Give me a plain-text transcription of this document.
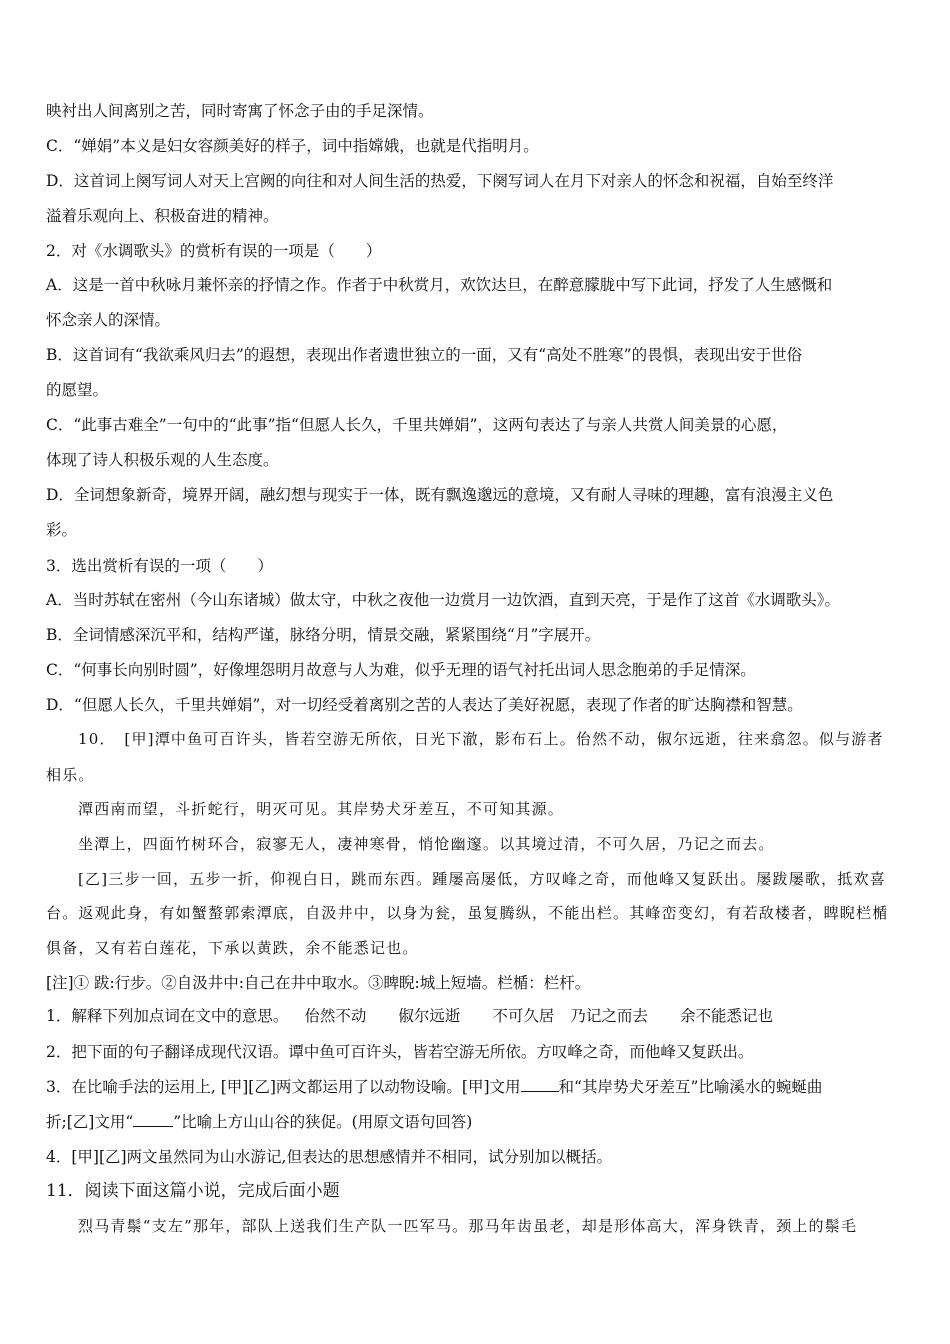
映衬出人间离别之苦，同时寄寓了怀念子由的手足深情。
C．“婵娟”本义是妇女容颜美好的样子，词中指嫦娥，也就是代指明月。
D．这首词上阕写词人对天上宫阙的向往和对人间生活的热爱，下阕写词人在月下对亲人的怀念和祝福，自始至终洋
溢着乐观向上、积极奋进的精神。
2．对《水调歌头》的赏析有误的一项是（　　）
A．这是一首中秋咏月兼怀亲的抒情之作。作者于中秋赏月，欢饮达旦，在醉意朦胧中写下此词，抒发了人生感慨和
怀念亲人的深情。
B．这首词有“我欲乘风归去”的遐想，表现出作者遗世独立的一面，又有“高处不胜寒”的畏惧，表现出安于世俗
的愿望。
C．“此事古难全”一句中的“此事”指“但愿人长久，千里共婵娟”，这两句表达了与亲人共赏人间美景的心愿，
体现了诗人积极乐观的人生态度。
D．全词想象新奇，境界开阔，融幻想与现实于一体，既有飘逸邈远的意境，又有耐人寻味的理趣，富有浪漫主义色
彩。
3．选出赏析有误的一项（　　）
A．当时苏轼在密州（今山东诸城）做太守，中秋之夜他一边赏月一边饮酒，直到天亮，于是作了这首《水调歌头》。
B．全词情感深沉平和，结构严谨，脉络分明，情景交融，紧紧围绕“月”字展开。
C．“何事长向别时圆”，好像埋怨明月故意与人为难，似乎无理的语气衬托出词人思念胞弟的手足情深。
D．“但愿人长久，千里共婵娟”，对一切经受着离别之苦的人表达了美好祝愿，表现了作者的旷达胸襟和智慧。
10．　[甲]潭中鱼可百许头，皆若空游无所依，日光下澈，影布石上。佁然不动，俶尔远逝，往来翕忽。似与游者
相乐。
潭西南而望，斗折蛇行，明灭可见。其岸势犬牙差互，不可知其源。
坐潭上，四面竹树环合，寂寥无人，凄神寒骨，悄怆幽邃。以其境过清，不可久居，乃记之而去。
[乙]三步一回，五步一折，仰视白日，跳而东西。踵屡高屡低，方叹峰之奇，而他峰又复跃出。屡跋屡歌，抵欢喜
台。返观此身，有如蟹螯郭索潭底，自汲井中，以身为瓮，虽复腾纵，不能出栏。其峰峦变幻，有若敌楼者，睥睨栏楯
俱备，又有若白莲花，下承以黄跌，余不能悉记也。
[注]① 跋:行步。②自汲井中:自己在井中取水。③睥睨:城上短墙。栏楯：栏杆。
1．解释下列加点词在文中的意思。 佁然不动 俶尔远逝 不可久居 乃记之而去 余不能悉记也
2．把下面的句子翻译成现代汉语。谭中鱼可百许头，皆若空游无所依。方叹峰之奇，而他峰又复跃出。
3．在比喻手法的运用上, [甲][乙]两文都运用了以动物设喻。[甲]文用 和“其岸势犬牙差互”比喻溪水的蜿蜒曲
折;[乙]文用“	”比喻上方山山谷的狭促。(用原文语句回答)
4．[甲][乙]两文虽然同为山水游记,但表达的思想感情并不相同，试分别加以概括。
11．阅读下面这篇小说，完成后面小题
烈马青鬃“支左”那年，部队上送我们生产队一匹军马。那马年齿虽老，却是形体高大，浑身铁青，颈上的鬃毛
